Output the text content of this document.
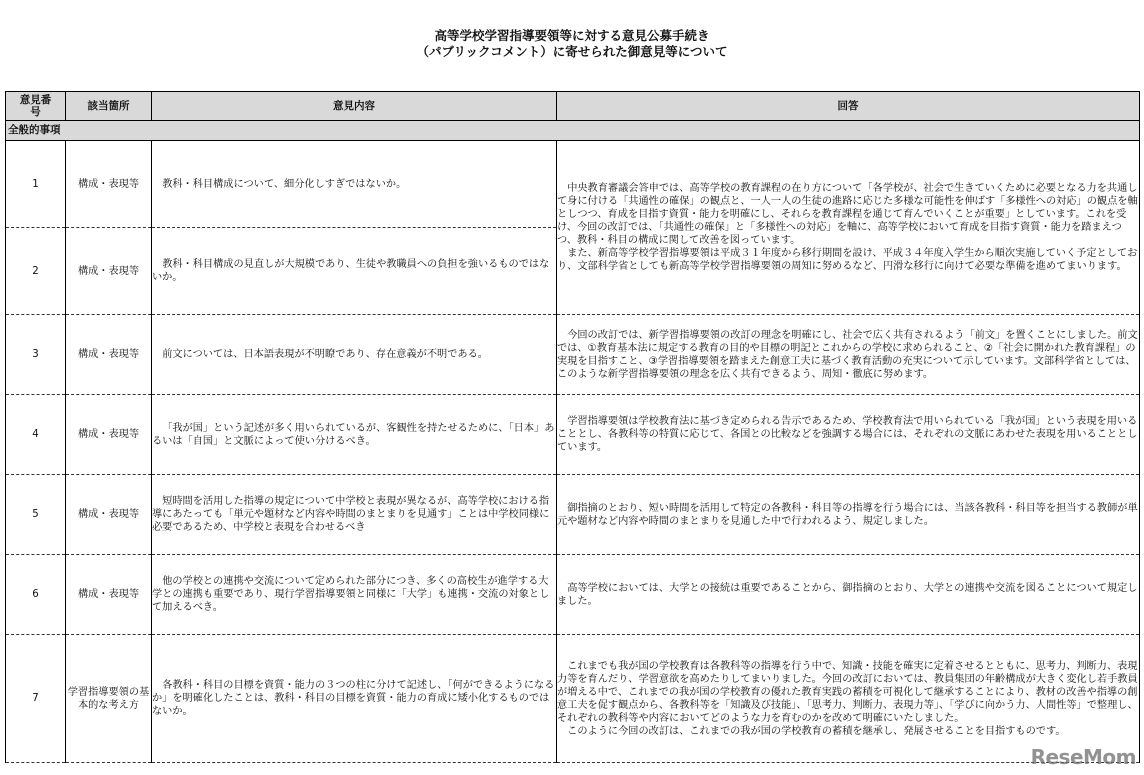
高等学校学習指導要領等に対する意見公募手続き
（パブリックコメント）に寄せられた御意見等について
意見番号	該当箇所	意見内容	回答
全般的事項			
1	構成・表現等	教科・科目構成について、細分化しすぎではないか。	中央教育審議会答申では、高等学校の教育課程の在り方について「各学校が、社会で生きていくために必要となる力を共通して身に付ける「共通性の確保」の観点と、一人一人の生徒の進路に応じた多様な可能性を伸ばす「多様性への対応」の観点を軸としつつ、育成を目指す資質・能力を明確にし、それらを教育課程を通じて育んでいくことが重要」としています。これを受け、今回の改訂では、「共通性の確保」と「多様性への対応」を軸に、高等学校において育成を目指す資質・能力を踏まえつつ、教科・科目の構成に関して改善を図っています。

また、新高等学校学習指導要領は平成３１年度から移行期間を設け、平成３４年度入学生から順次実施していく予定としており、文部科学省としても新高等学校学習指導要領の周知に努めるなど、円滑な移行に向けて必要な準備を進めてまいります。

2	構成・表現等	教科・科目構成の見直しが大規模であり、生徒や教職員への負担を強いるものではないか。	

3	構成・表現等	前文については、日本語表現が不明瞭であり、存在意義が不明である。	今回の改訂では、新学習指導要領の改訂の理念を明確にし、社会で広く共有されるよう「前文」を置くことにしました。前文では、①教育基本法に規定する教育の目的や目標の明記とこれからの学校に求められること、②「社会に開かれた教育課程」の実現を目指すこと、③学習指導要領を踏まえた創意工夫に基づく教育活動の充実について示しています。文部科学省としては、このような新学習指導要領の理念を広く共有できるよう、周知・徹底に努めます。

4	構成・表現等	「我が国」という記述が多く用いられているが、客観性を持たせるために、「日本」あるいは「自国」と文脈によって使い分けるべき。	学習指導要領は学校教育法に基づき定められる告示であるため、学校教育法で用いられている「我が国」という表現を用いることとし、各教科等の特質に応じて、各国との比較などを強調する場合には、それぞれの文脈にあわせた表現を用いることとしています。

5	構成・表現等	短時間を活用した指導の規定について中学校と表現が異なるが、高等学校における指導にあたっても「単元や題材など内容や時間のまとまりを見通す」ことは中学校同様に必要であるため、中学校と表現を合わせるべき	御指摘のとおり、短い時間を活用して特定の各教科・科目等の指導を行う場合には、当該各教科・科目等を担当する教師が単元や題材など内容や時間のまとまりを見通した中で行われるよう、規定しました。

6	構成・表現等	他の学校との連携や交流について定められた部分につき、多くの高校生が進学する大学との連携も重要であり、現行学習指導要領と同様に「大学」も連携・交流の対象として加えるべき。	高等学校においては、大学との接続は重要であることから、御指摘のとおり、大学との連携や交流を図ることについて規定しました。

7	学習指導要領の基本的な考え方	各教科・科目の目標を資質・能力の３つの柱に分けて記述し、「何ができるようになるか」を明確化したことは、教科・科目の目標を資質・能力の育成に矮小化するものではないか。	これまでも我が国の学校教育は各教科等の指導を行う中で、知識・技能を確実に定着させるとともに、思考力、判断力、表現力等を育んだり、学習意欲を高めたりしてまいりました。今回の改訂においては、教員集団の年齢構成が大きく変化し若手教員が増える中で、これまでの我が国の学校教育の優れた教育実践の蓄積を可視化して継承することにより、教材の改善や指導の創意工夫を促す観点から、各教科等を「知識及び技能」、「思考力、判断力、表現力等」、「学びに向かう力、人間性等」で整理し、それぞれの教科等や内容においてどのような力を育むのかを改めて明確にいたしました。

このように今回の改訂は、これまでの我が国の学校教育の蓄積を継承し、発展させることを目指すものです。

ReseMom
